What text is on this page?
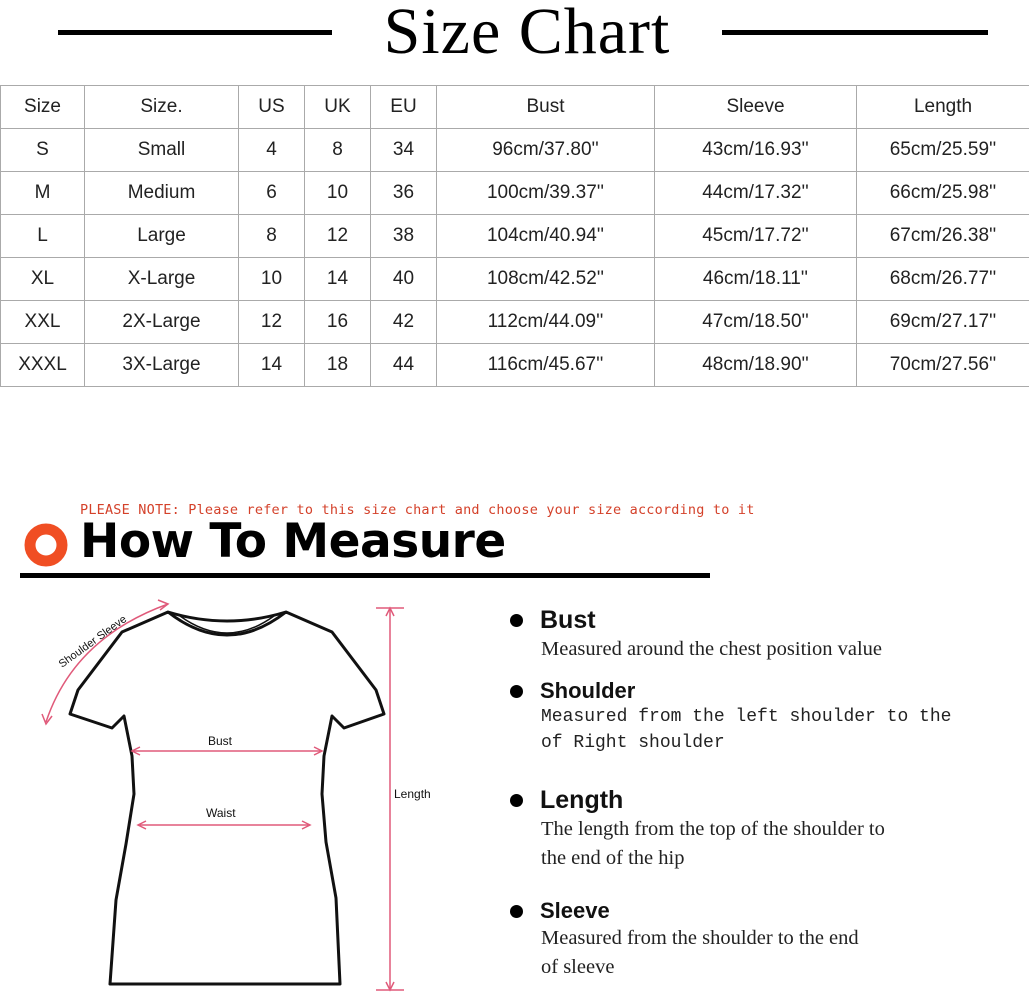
Size Chart
Size	Size.	US	UK	EU	Bust	Sleeve	Length
S	Small	4	8	34	96cm/37.80''	43cm/16.93''	65cm/25.59''
M	Medium	6	10	36	100cm/39.37''	44cm/17.32''	66cm/25.98''
L	Large	8	12	38	104cm/40.94''	45cm/17.72''	67cm/26.38''
XL	X-Large	10	14	40	108cm/42.52''	46cm/18.11''	68cm/26.77''
XXL	2X-Large	12	16	42	112cm/44.09''	47cm/18.50''	69cm/27.17''
XXXL	3X-Large	14	18	44	116cm/45.67''	48cm/18.90''	70cm/27.56''
PLEASE NOTE: Please refer to this size chart and choose your size according to it
How To Measure
Shoulder Sleeve
Bust
Waist
Length
Bust
Measured around the chest position value
Shoulder
Measured from the left shoulder to the
of Right shoulder
Length
The length from the top of the shoulder to
the end of the hip
Sleeve
Measured from the shoulder to the end
of sleeve
